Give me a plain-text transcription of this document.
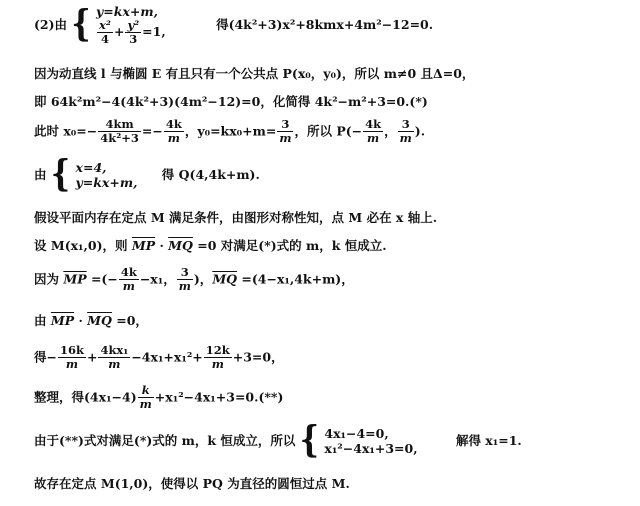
(2)由 { y=kx+m,
$\frac{\text{x²}}{4} + \frac{\text{y²}}{3} =1$,	得(4k²+3)x²+8kmx+4m²−12=0.
因为动直线 l 与椭圆 E 有且只有一个公共点 P(x₀，y₀)，所以 m≠0 且Δ=0，
即 64k²m²−4(4k²+3)(4m²−12)=0，化简得 4k²−m²+3=0.(*)
此时 $x_0=- \frac{4km}{\text{4k²+3}} =- \frac{4k}{m}$ ，$y_0=kx_0+m= \frac{3}{m}$ ，所以 $P(- \frac{4k}{m}$ ， $\frac{3}{m}$ ).
由 { x=4,
y=kx+m,
得 Q(4,4k+m).
假设平面内存在定点 M 满足条件，由图形对称性知，点 M 必在 x 轴上.
设 M(x₁,0)，则 $\overline{MP} \cdot \overline{MQ} =0$ 对满足(*)式的 m，k 恒成立.
因为 $\overline{MP}$ =(− $\frac{4k}{m} -x_1$， $\frac{3}{m}$ )，$\overline{MQ} =(4-x_1,4k+m)$，
由 $\overline{MP} \cdot \overline{MQ} =0$，
得− $\frac{16k}{m} + \frac{\text{4kx₁}}{m} -4x_1+x_1^2+ \frac{12k}{m} +3=0$，
整理，得$(4x_1-4) \frac{k}{m} +x_1^2-4x_1+3=0.(**)$
由于(**)式对满足(*)式的 m，k 恒成立，所以 { 4x₁−4=0,
x₁²−4x₁+3=0,
解得 x₁=1.
故存在定点 M(1,0)，使得以 PQ 为直径的圆恒过点 M.
